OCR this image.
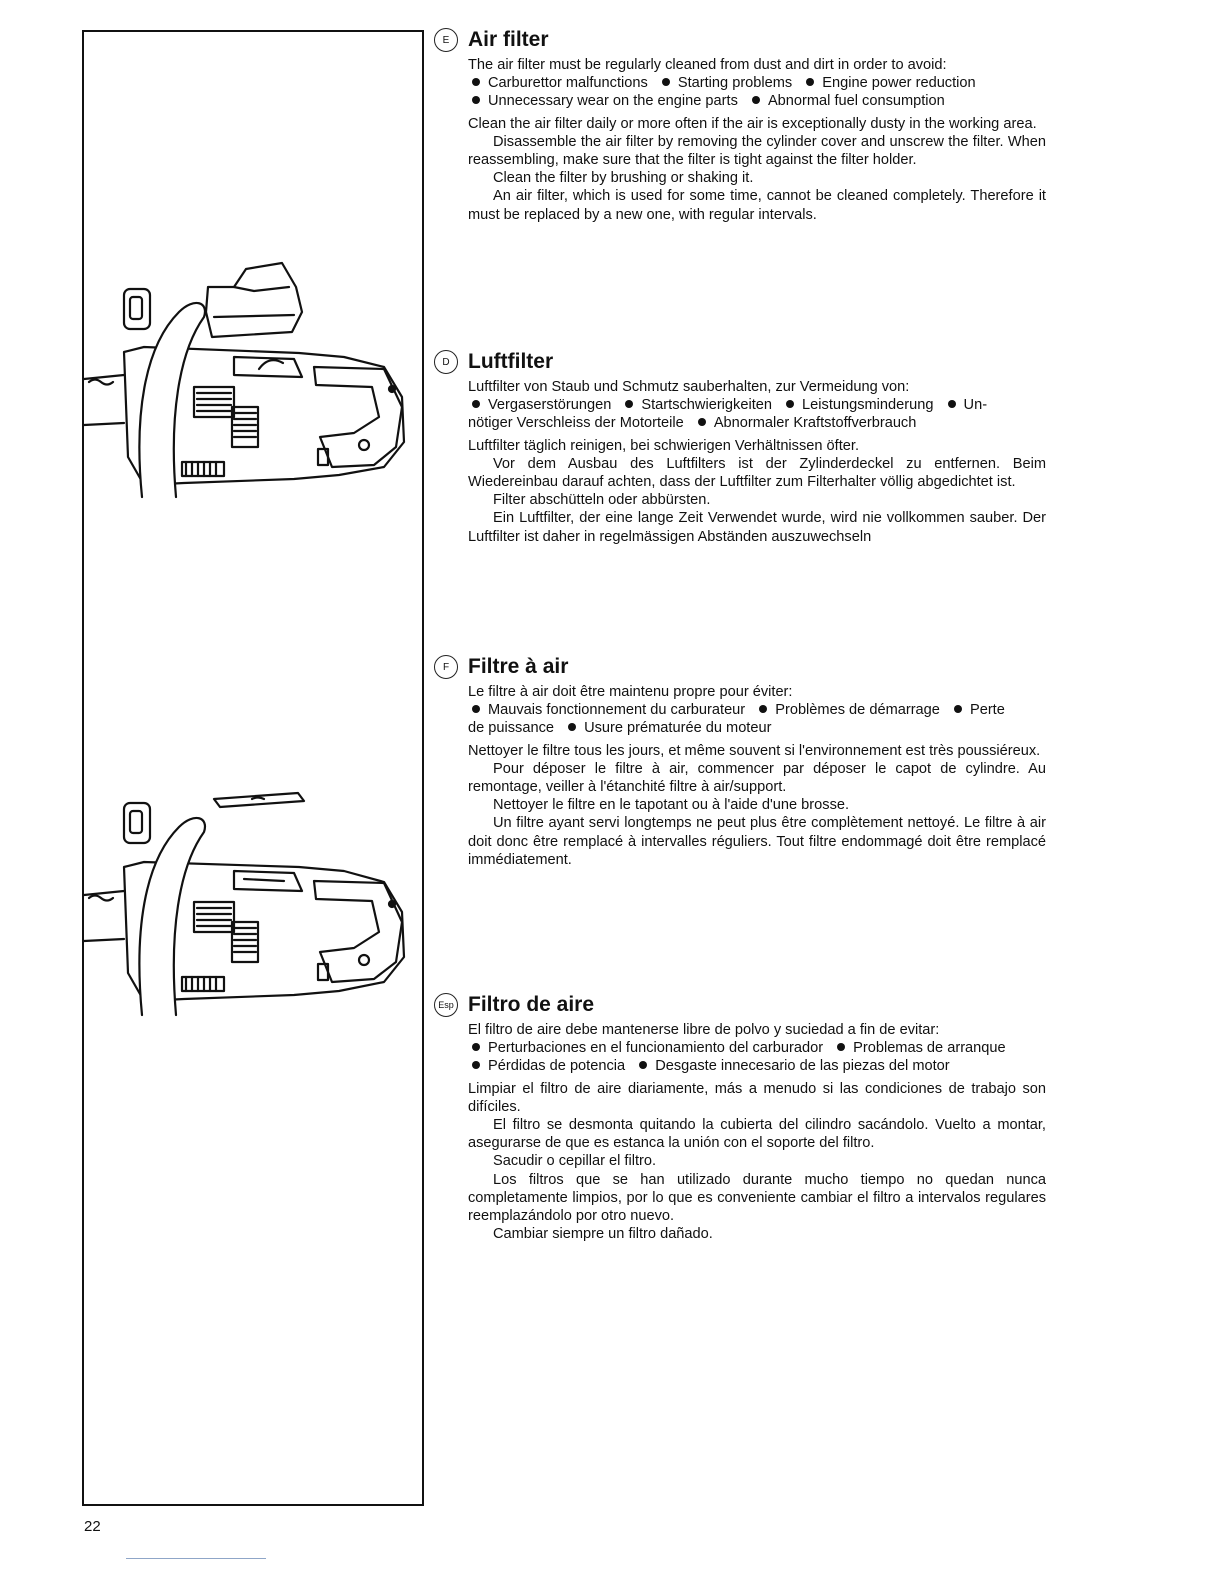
E Air filter

The air filter must be regularly cleaned from dust and dirt in order to avoid:

Carburettor malfunctions Starting problems Engine power reduction

Unnecessary wear on the engine parts Abnormal fuel consumption

Clean the air filter daily or more often if the air is exceptionally dusty in the working area.

Disassemble the air filter by removing the cylinder cover and unscrew the filter. When reassembling, make sure that the filter is tight against the filter holder.

Clean the filter by brushing or shaking it.

An air filter, which is used for some time, cannot be cleaned completely. Therefore it must be replaced by a new one, with regular intervals.

D Luftfilter

Luftfilter von Staub und Schmutz sauberhalten, zur Vermeidung von:

Vergaserstörungen Startschwierigkeiten Leistungsminderung Un-

nötiger Verschleiss der Motorteile Abnormaler Kraftstoffverbrauch

Luftfilter täglich reinigen, bei schwierigen Verhältnissen öfter.

Vor dem Ausbau des Luftfilters ist der Zylinderdeckel zu entfernen. Beim Wiedereinbau darauf achten, dass der Luftfilter zum Filterhalter völlig abgedichtet ist.

Filter abschütteln oder abbürsten.

Ein Luftfilter, der eine lange Zeit Verwendet wurde, wird nie vollkommen sauber. Der Luftfilter ist daher in regelmässigen Abständen auszuwechseln

F Filtre à air

Le filtre à air doit être maintenu propre pour éviter:

Mauvais fonctionnement du carburateur Problèmes de démarrage Perte

de puissance Usure prématurée du moteur

Nettoyer le filtre tous les jours, et même souvent si l'environnement est très poussiéreux.

Pour déposer le filtre à air, commencer par déposer le capot de cylindre. Au remontage, veiller à l'étanchité filtre à air/support.

Nettoyer le filtre en le tapotant ou à l'aide d'une brosse.

Un filtre ayant servi longtemps ne peut plus être complètement nettoyé. Le filtre à air doit donc être remplacé à intervalles réguliers. Tout filtre endommagé doit être remplacé immédiatement.

Esp Filtro de aire

El filtro de aire debe mantenerse libre de polvo y suciedad a fin de evitar:

Perturbaciones en el funcionamiento del carburador Problemas de arranque

Pérdidas de potencia Desgaste innecesario de las piezas del motor

Limpiar el filtro de aire diariamente, más a menudo si las condiciones de trabajo son difíciles.

El filtro se desmonta quitando la cubierta del cilindro sacándolo. Vuelto a montar, asegurarse de que es estanca la unión con el soporte del filtro.

Sacudir o cepillar el filtro.

Los filtros que se han utilizado durante mucho tiempo no quedan nunca completamente limpios, por lo que es conveniente cambiar el filtro a intervalos regulares reemplazándolo por otro nuevo.

Cambiar siempre un filtro dañado.

22
